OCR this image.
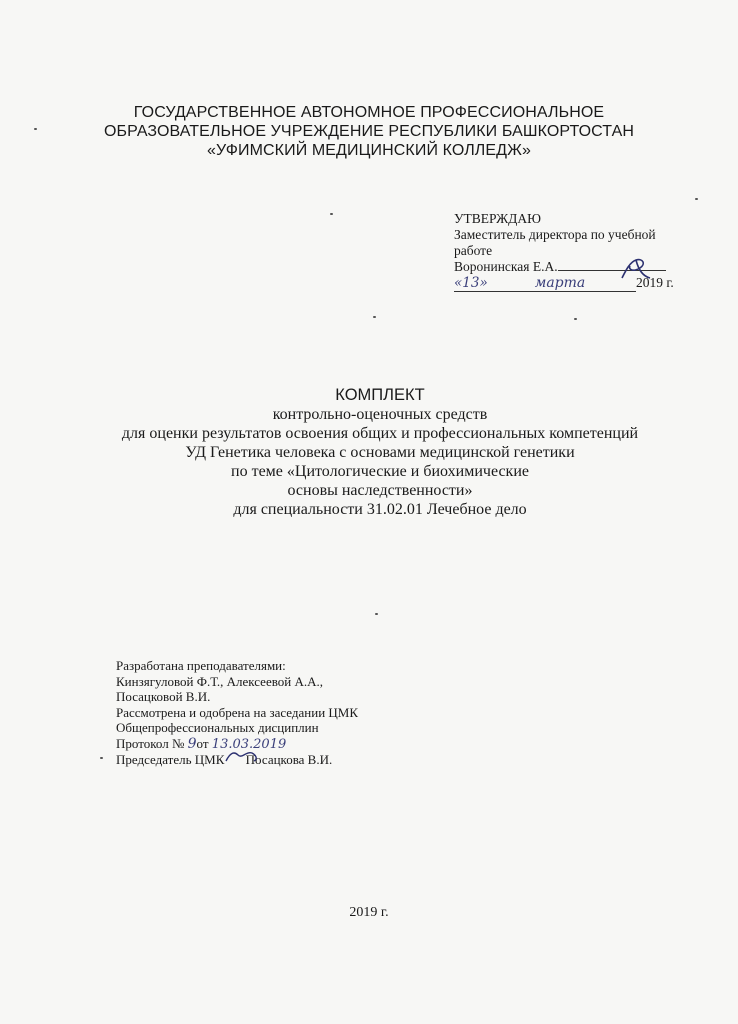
ГОСУДАРСТВЕННОЕ АВТОНОМНОЕ ПРОФЕССИОНАЛЬНОЕ
ОБРАЗОВАТЕЛЬНОЕ УЧРЕЖДЕНИЕ РЕСПУБЛИКИ БАШКОРТОСТАН
«УФИМСКИЙ МЕДИЦИНСКИЙ КОЛЛЕДЖ»
УТВЕРЖДАЮ
Заместитель директора по учебной
работе
Воронинская Е.А.
«13»	марта	2019 г.
КОМПЛЕКТ
контрольно-оценочных средств
для оценки результатов освоения общих и профессиональных компетенций
УД Генетика человека с основами медицинской генетики
по теме «Цитологические и биохимические
основы наследственности»
для специальности 31.02.01 Лечебное дело
Разработана преподавателями:
Кинзягуловой Ф.Т., Алексеевой А.А.,
Посацковой В.И.
Рассмотрена и одобрена на заседании ЦМК
Общепрофессиональных дисциплин
Протокол № 9от 13.03.2019
Председатель ЦМК Посацкова В.И.
2019 г.
